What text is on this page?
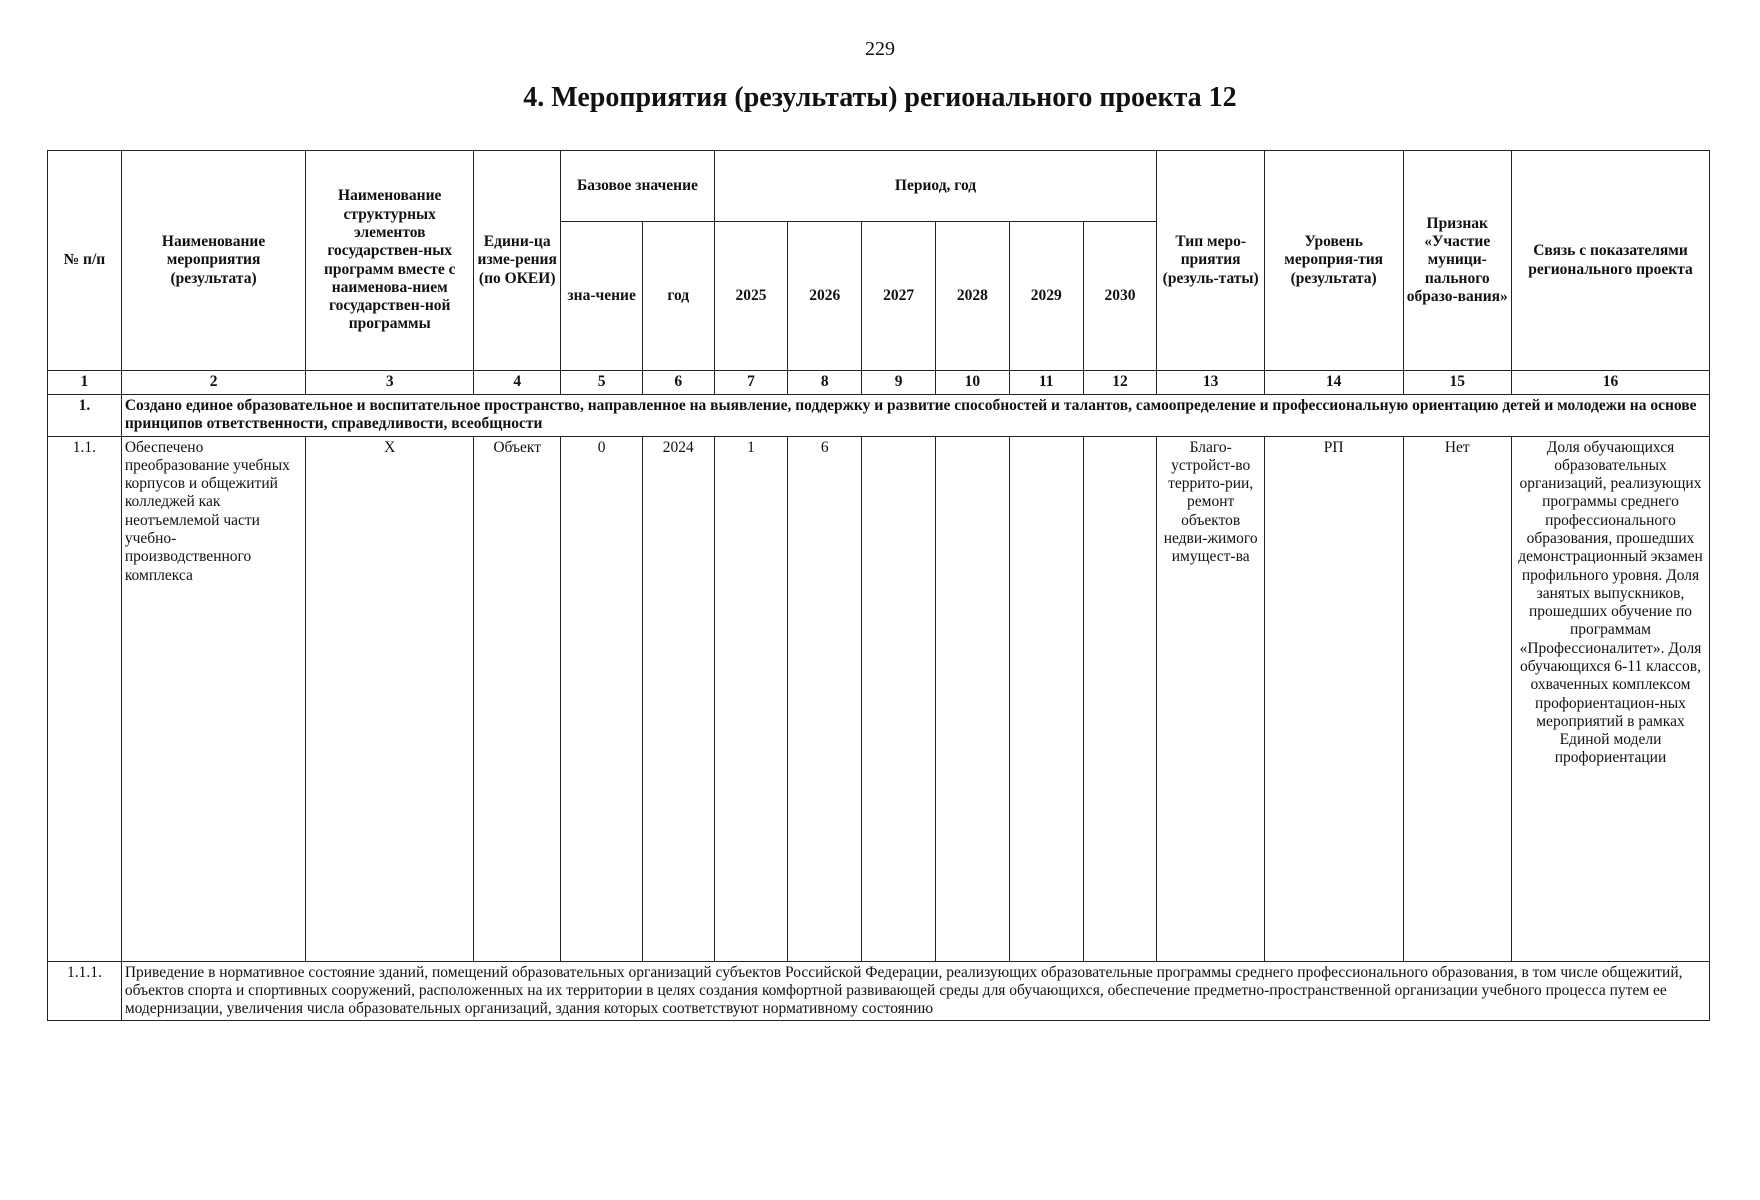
229
4. Мероприятия (результаты) регионального проекта 12
№ п/п	Наименование мероприятия (результата)	Наименование структурных элементов государствен-ных программ вместе с наименова-нием государствен-ной программы	Едини-ца изме-рения (по ОКЕИ)	Базовое значение		Период, год						Тип меро-приятия (резуль-таты)	Уровень мероприя-тия (результата)	Признак «Участие муници-пального образо-вания»	Связь с показателями регионального проекта
				зна-чение	год	2025	2026	2027	2028	2029	2030				
1	2	3	4	5	6	7	8	9	10	11	12	13	14	15	16
1.	Создано единое образовательное и воспитательное пространство, направленное на выявление, поддержку и развитие способностей и талантов, самоопределение и профессиональную ориентацию детей и молодежи на основе принципов ответственности, справедливости, всеобщности														
1.1.	Обеспечено преобразование учебных корпусов и общежитий колледжей как неотъемлемой части учебно-производственного комплекса	Х	Объект	0	2024	1	6					Благо-устройст-во террито-рии, ремонт объектов недви-жимого имущест-ва	РП	Нет	Доля обучающихся образовательных организаций, реализующих программы среднего профессионального образования, прошедших демонстрационный экзамен профильного уровня. Доля занятых выпускников, прошедших обучение по программам «Профессионалитет». Доля обучающихся 6-11 классов, охваченных комплексом профориентацион-ных мероприятий в рамках Единой модели профориентации
1.1.1.	Приведение в нормативное состояние зданий, помещений образовательных организаций субъектов Российской Федерации, реализующих образовательные программы среднего профессионального образования, в том числе общежитий, объектов спорта и спортивных сооружений, расположенных на их территории в целях создания комфортной развивающей среды для обучающихся, обеспечение предметно-пространственной организации учебного процесса путем ее модернизации, увеличения числа образовательных организаций, здания которых соответствуют нормативному состоянию														
